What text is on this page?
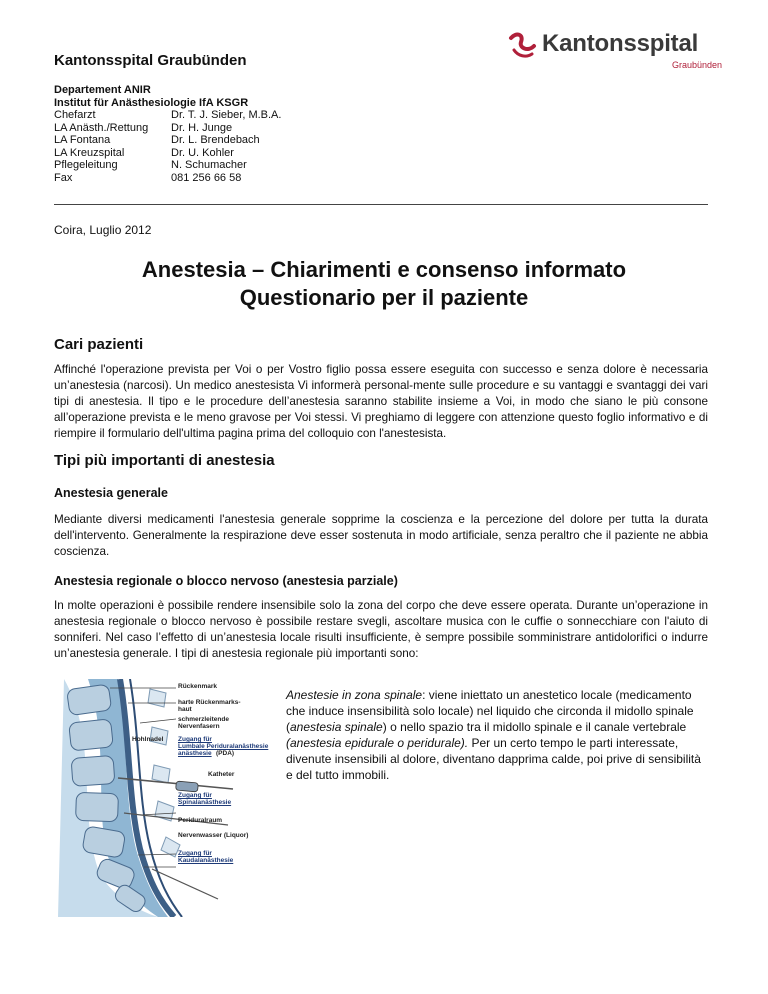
Kantonsspital Graubünden
Kantonsspital
Graubünden
Departement ANIR
Institut für Anästhesiologie IfA KSGR
Chefarzt	Dr. T. J. Sieber, M.B.A.
LA Anästh./Rettung	Dr. H. Junge
LA Fontana	Dr. L. Brendebach
LA Kreuzspital	Dr. U. Kohler
Pflegeleitung	N. Schumacher
Fax	081 256 66 58
Coira, Luglio 2012
Anestesia – Chiarimenti e consenso informato
Questionario per il paziente
Cari pazienti
Affinché l'operazione prevista per Voi o per Vostro figlio possa essere eseguita con successo e senza dolore è necessaria un’anestesia (narcosi). Un medico anestesista Vi informerà personal-mente sulle procedure e su vantaggi e svantaggi dei vari tipi di anestesia. Il tipo e le procedure dell’anestesia saranno stabilite insieme a Voi, in modo che siano le più consone all’operazione prevista e le meno gravose per Voi stessi. Vi preghiamo di leggere con attenzione questo foglio informativo e di riempire il formulario dell'ultima pagina prima del colloquio con l'anestesista.
Tipi più importanti di anestesia
Anestesia generale
Mediante diversi medicamenti l'anestesia generale sopprime la coscienza e la percezione del dolore per tutta la durata dell'intervento. Generalmente la respirazione deve esser sostenuta in modo artificiale, senza peraltro che il paziente ne abbia coscienza.
Anestesia regionale o blocco nervoso (anestesia parziale)
In molte operazioni è possibile rendere insensibile solo la zona del corpo che deve essere operata. Durante un’operazione in anestesia regionale o blocco nervoso è possibile restare svegli, ascoltare musica con le cuffie o sonnecchiare con l'aiuto di sonniferi. Nel caso l’effetto di un’anestesia locale risulti insufficiente, è sempre possibile somministrare antidolorifici o indurre un’anestesia generale. I tipi di anestesia regionale più importanti sono:
Rückenmark
harte Rückenmarks-
haut
schmerzleitende
Nervenfasern
Hohlnadel Zugang für
Lumbale Periduralanästhesie
anästhesie (PDA)
Katheter
Zugang für
Spinalanästhesie
Periduralraum
Nervenwasser (Liquor)
Zugang für
Kaudalanästhesie
Anestesie in zona spinale: viene iniettato un anestetico locale (medicamento che induce insensibilità solo locale) nel liquido che circonda il midollo spinale (anestesia spinale) o nello spazio tra il midollo spinale e il canale vertebrale (anestesia epidurale o peridurale). Per un certo tempo le parti interessate, divenute insensibili al dolore, diventano dapprima calde, poi prive di sensibilità e del tutto immobili.
